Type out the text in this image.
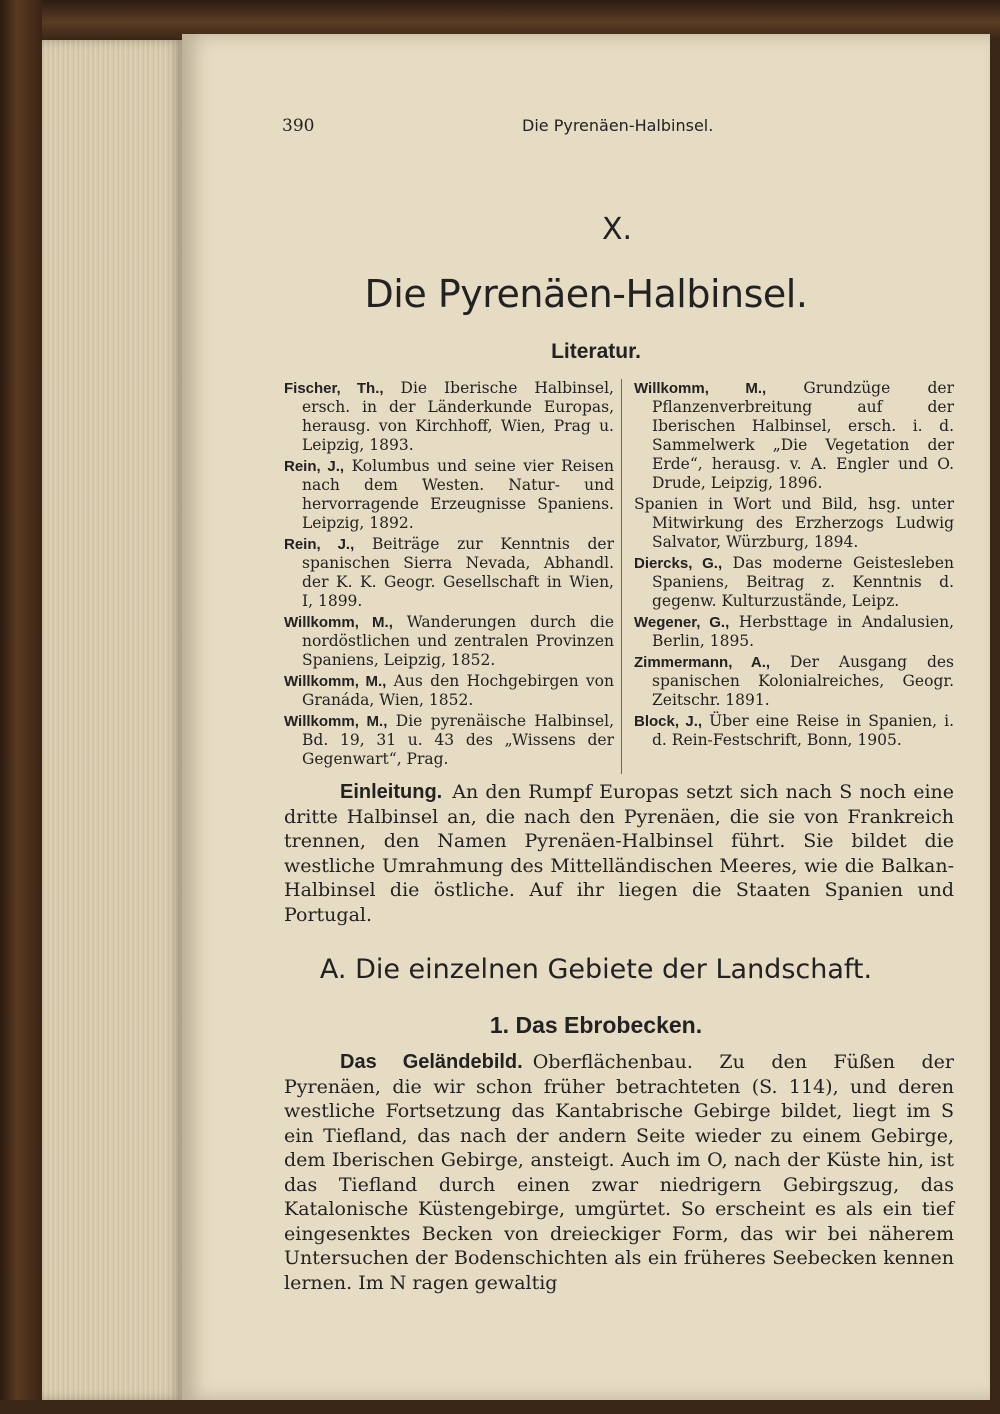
390	Die Pyrenäen-Halbinsel.
X.
Die Pyrenäen-Halbinsel.
Literatur.

Fischer, Th., Die Iberische Halbinsel, ersch. in der Länderkunde Europas, herausg. von Kirchhoff, Wien, Prag u. Leipzig, 1893.

Rein, J., Kolumbus und seine vier Reisen nach dem Westen. Natur- und hervorragende Erzeugnisse Spaniens. Leipzig, 1892.

Rein, J., Beiträge zur Kenntnis der spanischen Sierra Nevada, Abhandl. der K. K. Geogr. Gesellschaft in Wien, I, 1899.

Willkomm, M., Wanderungen durch die nordöstlichen und zentralen Provinzen Spaniens, Leipzig, 1852.

Willkomm, M., Aus den Hochgebirgen von Granáda, Wien, 1852.

Willkomm, M., Die pyrenäische Halbinsel, Bd. 19, 31 u. 43 des „Wissens der Gegenwart“, Prag.

Willkomm, M., Grundzüge der Pflanzenverbreitung auf der Iberischen Halbinsel, ersch. i. d. Sammelwerk „Die Vegetation der Erde“, herausg. v. A. Engler und O. Drude, Leipzig, 1896.

Spanien in Wort und Bild, hsg. unter Mitwirkung des Erzherzogs Ludwig Salvator, Würzburg, 1894.

Diercks, G., Das moderne Geistesleben Spaniens, Beitrag z. Kenntnis d. gegenw. Kulturzustände, Leipz.

Wegener, G., Herbsttage in Andalusien, Berlin, 1895.

Zimmermann, A., Der Ausgang des spanischen Kolonialreiches, Geogr. Zeitschr. 1891.

Block, J., Über eine Reise in Spanien, i. d. Rein-Festschrift, Bonn, 1905.

Einleitung. An den Rumpf Europas setzt sich nach S noch eine dritte Halbinsel an, die nach den Pyrenäen, die sie von Frankreich trennen, den Namen Pyrenäen-Halbinsel führt. Sie bildet die westliche Umrahmung des Mittelländischen Meeres, wie die Balkan-Halbinsel die östliche. Auf ihr liegen die Staaten Spanien und Portugal.

A. Die einzelnen Gebiete der Landschaft.
1. Das Ebrobecken.

Das Geländebild. Oberflächenbau. Zu den Füßen der Pyrenäen, die wir schon früher betrachteten (S. 114), und deren westliche Fortsetzung das Kantabrische Gebirge bildet, liegt im S ein Tiefland, das nach der andern Seite wieder zu einem Gebirge, dem Iberischen Gebirge, ansteigt. Auch im O, nach der Küste hin, ist das Tiefland durch einen zwar niedrigern Gebirgszug, das Katalonische Küstengebirge, umgürtet. So erscheint es als ein tief eingesenktes Becken von dreieckiger Form, das wir bei näherem Untersuchen der Bodenschichten als ein früheres Seebecken kennen lernen. Im N ragen gewaltig
